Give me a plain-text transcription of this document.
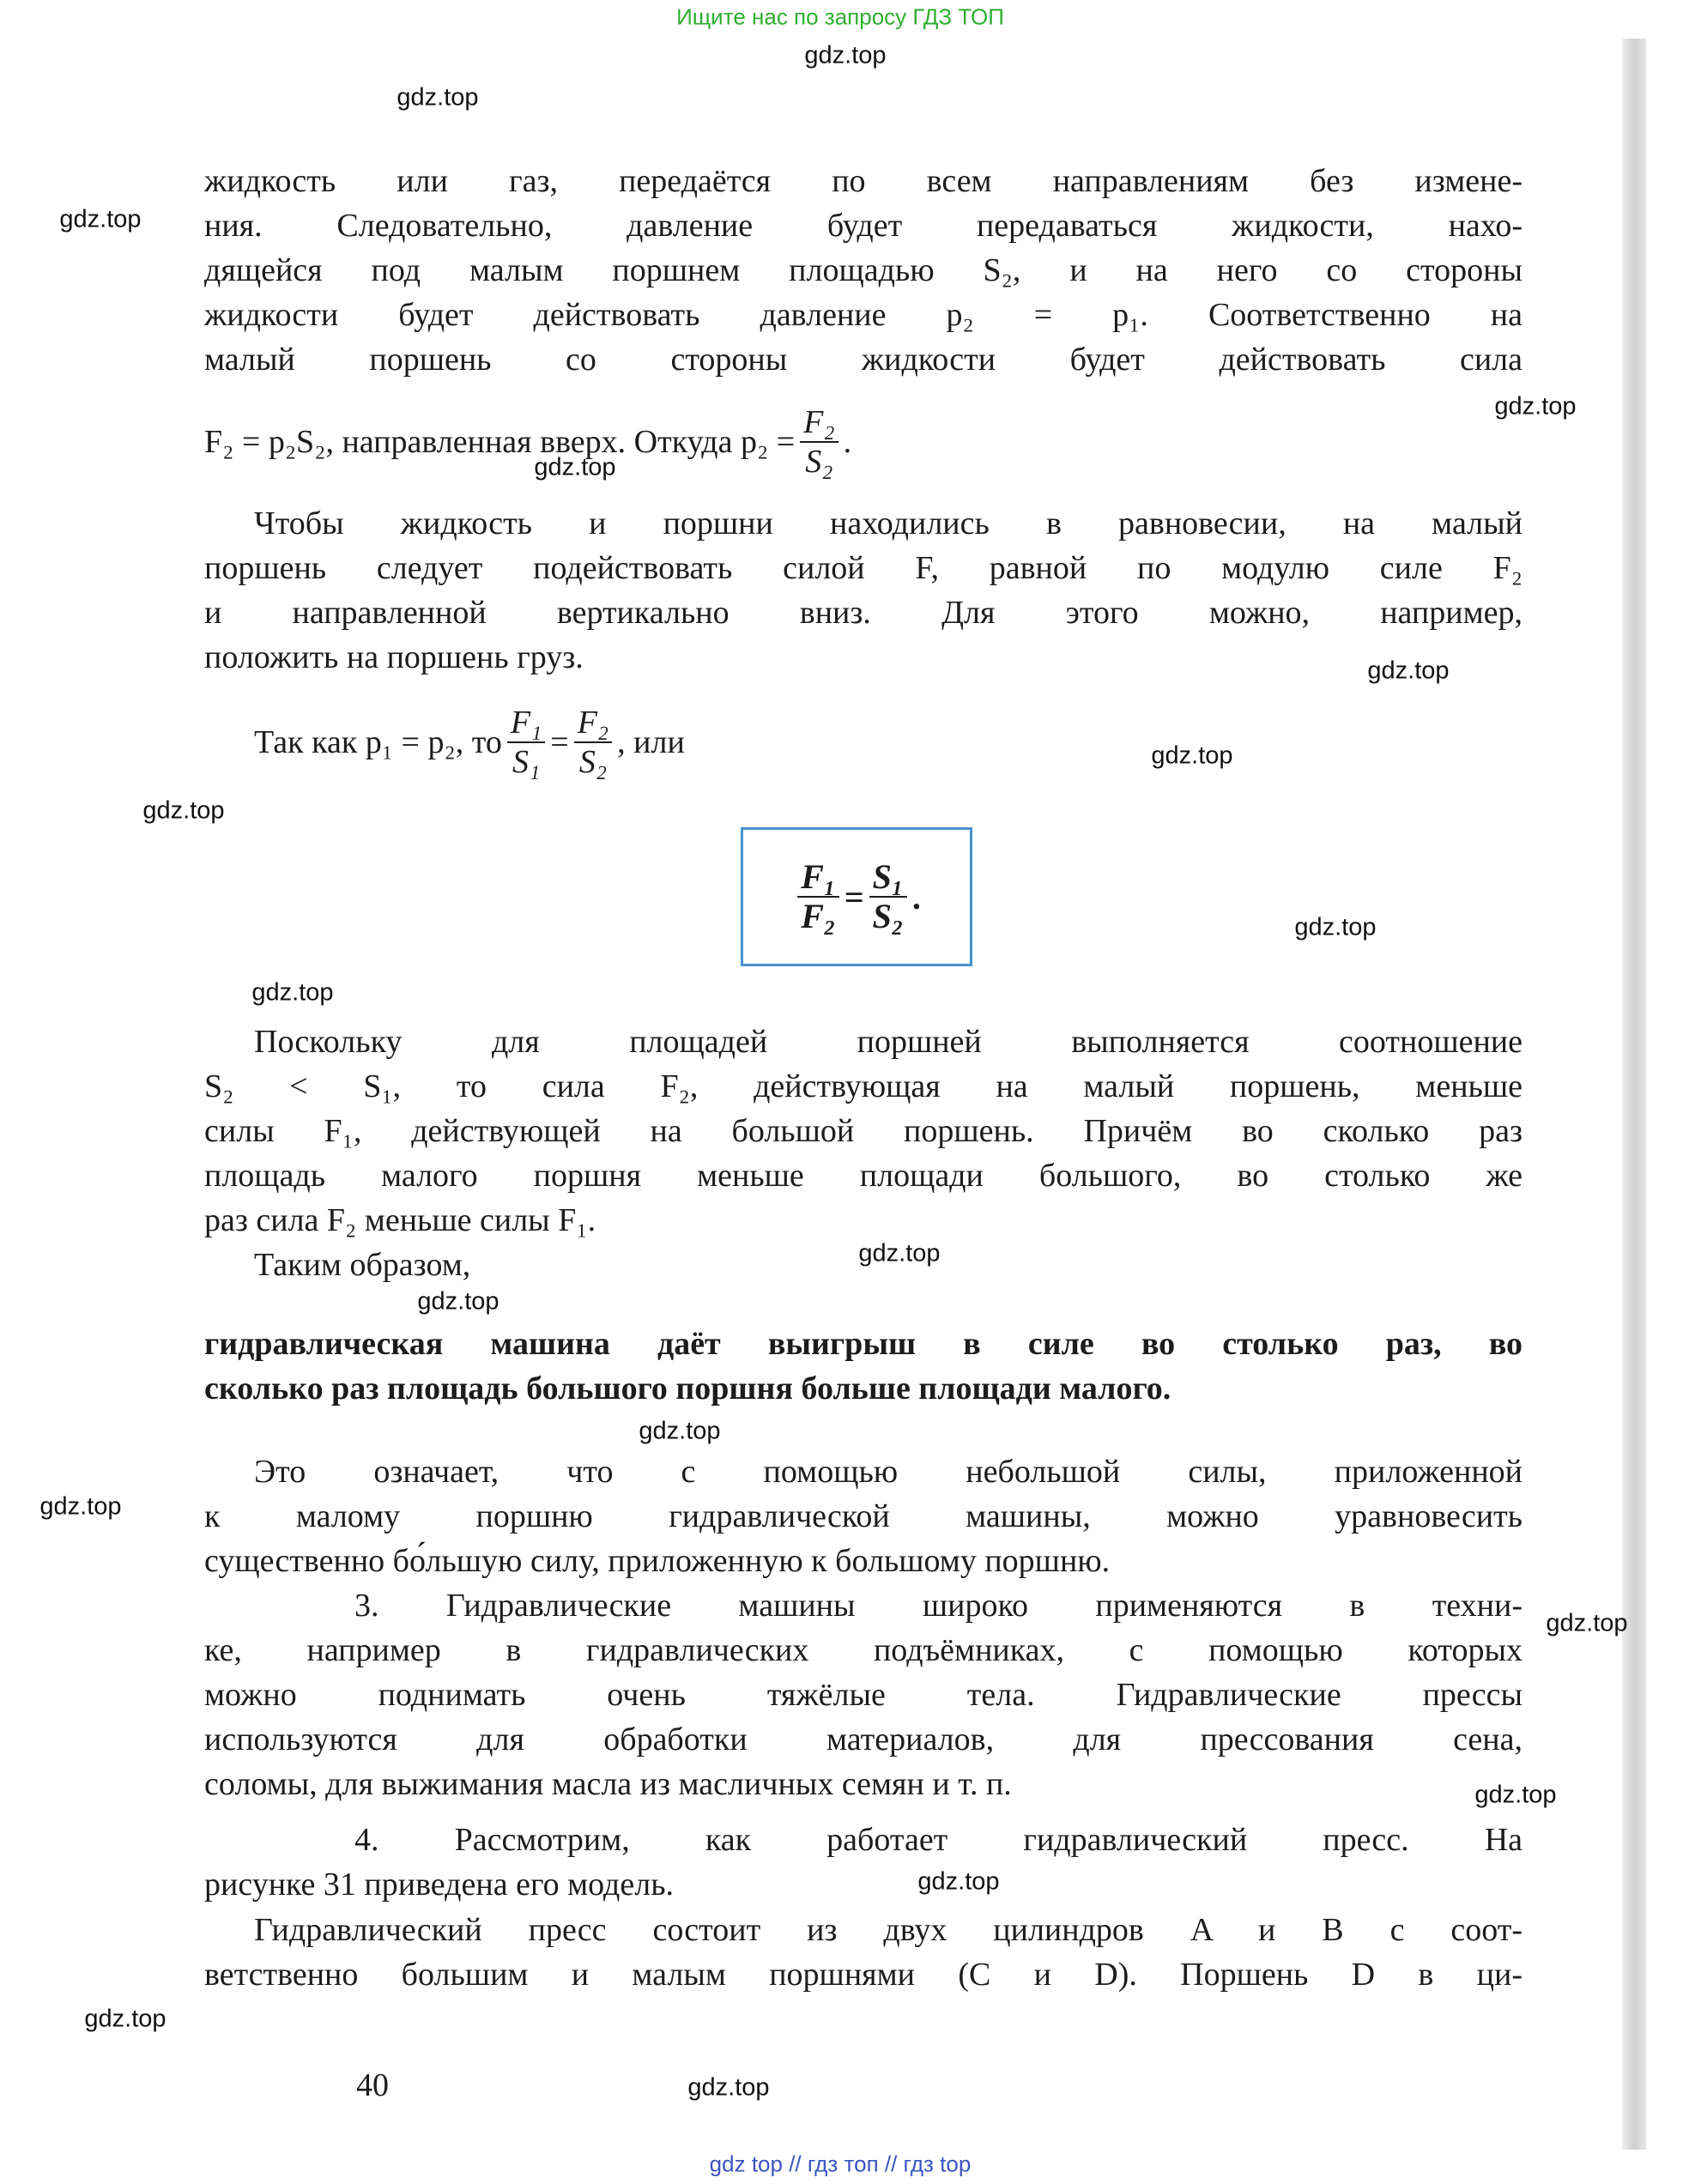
Ищите нас по запросу ГДЗ ТОП
жидкость или газ, передаётся по всем направлениям без измене-
ния. Следовательно, давление будет передаваться жидкости, нахо-
дящейся под малым поршнем площадью S₂, и на него со стороны
жидкости будет действовать давление p₂ = p₁. Соответственно на
малый поршень со стороны жидкости будет действовать сила
F₂ = p₂S₂, направленная вверх. Откуда $p_2 = \frac{\text{F₂}}{\text{S₂}}$ .
Чтобы жидкость и поршни находились в равновесии, на малый
поршень следует подействовать силой F, равной по модулю силе F₂
и направленной вертикально вниз. Для этого можно, например,
положить на поршень груз.
Так как p₁ = p₂, то $\frac{\text{F₁}}{\text{S₁}} = \frac{\text{F₂}}{\text{S₂}}$ , или
$\frac{\text{F₁}}{\text{F₂}} = \frac{\text{S₁}}{\text{S₂}}$ .
Поскольку для площадей поршней выполняется соотношение
S₂ < S₁, то сила F₂, действующая на малый поршень, меньше
силы F₁, действующей на большой поршень. Причём во сколько раз
площадь малого поршня меньше площади большого, во столько же
раз сила F₂ меньше силы F₁.
Таким образом,
гидравлическая машина даёт выигрыш в силе во столько раз, во
сколько раз площадь большого поршня больше площади малого.
Это означает, что с помощью небольшой силы, приложенной
к малому поршню гидравлической машины, можно уравновесить
существенно бо́льшую силу, приложенную к большому поршню.
3. Гидравлические машины широко применяются в техни-
ке, например в гидравлических подъёмниках, с помощью которых
можно поднимать очень тяжёлые тела. Гидравлические прессы
используются для обработки материалов, для прессования сена,
соломы, для выжимания масла из масличных семян и т. п.
4. Рассмотрим, как работает гидравлический пресс. На
рисунке 31 приведена его модель.
Гидравлический пресс состоит из двух цилиндров A и B с соот-
ветственно большим и малым поршнями (C и D). Поршень D в ци-
40
gdz.top
gdz.top
gdz.top
gdz.top
gdz.top
gdz.top
gdz.top
gdz.top
gdz.top
gdz.top
gdz.top
gdz.top
gdz.top
gdz.top
gdz.top
gdz.top
gdz.top
gdz.top
gdz.top
gdz top // гдз топ // гдз top
